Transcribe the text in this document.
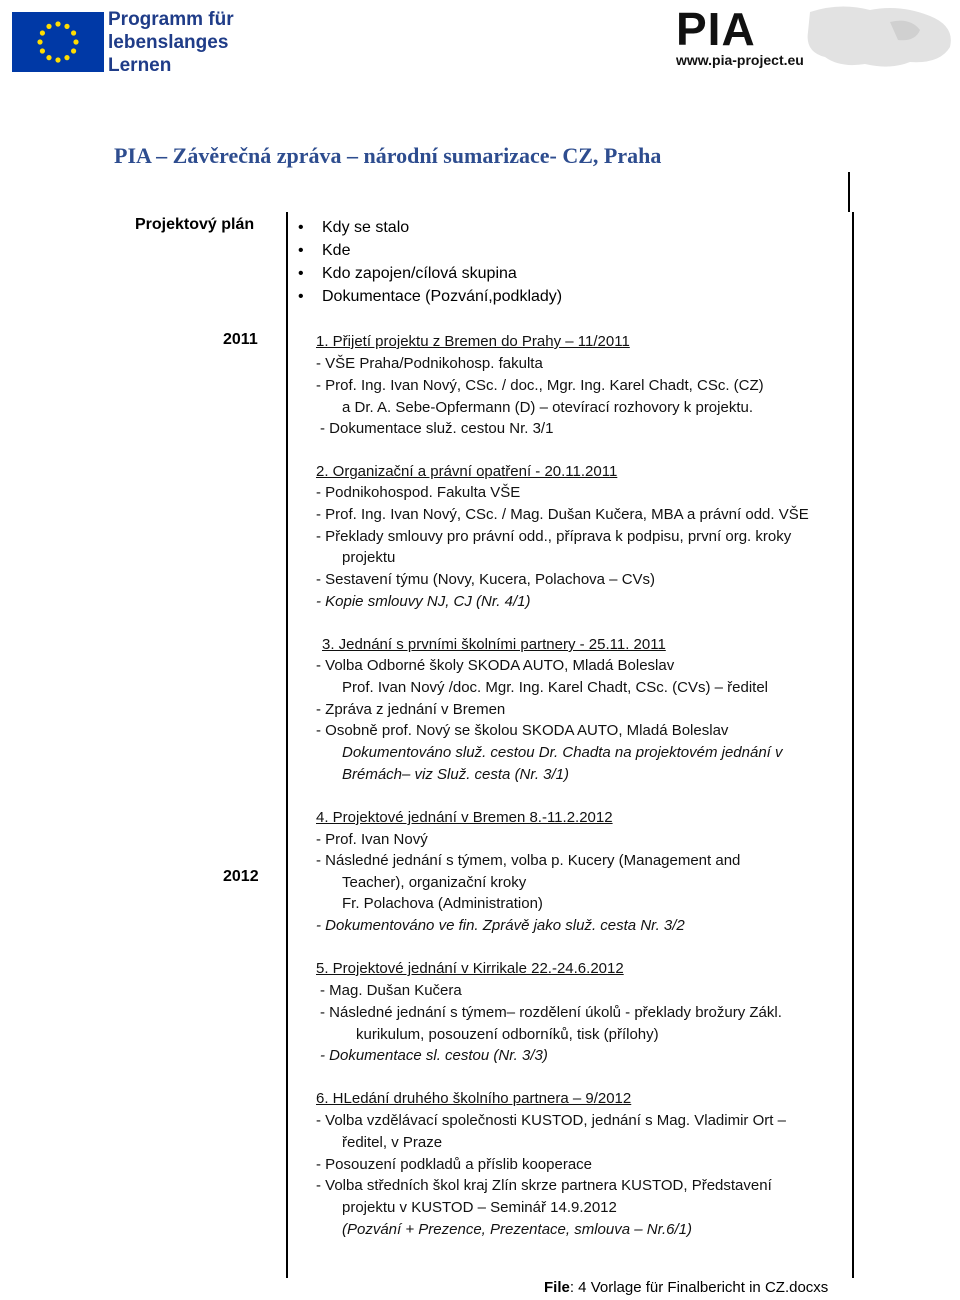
Programm für
lebenslanges
Lernen
PIA
www.pia-project.eu
PIA – Závěrečná zpráva – národní sumarizace- CZ, Praha
Projektový plán
•	Kdy se stalo
• Kde
• Kdo zapojen/cílová skupina
• Dokumentace (Pozvání,podklady)
2011
2012
1. Přijetí projektu z Bremen do Prahy – 11/2011
- VŠE Praha/Podnikohosp. fakulta
- Prof. Ing. Ivan Nový, CSc. / doc., Mgr. Ing. Karel Chadt, CSc. (CZ)
a Dr. A. Sebe-Opfermann (D) – otevírací rozhovory k projektu.
- Dokumentace služ. cestou Nr. 3/1
2. Organizační a právní opatření - 20.11.2011
- Podnikohospod. Fakulta VŠE
- Prof. Ing. Ivan Nový, CSc. / Mag. Dušan Kučera, MBA a právní odd. VŠE
- Překlady smlouvy pro právní odd., příprava k podpisu, první org. kroky
projektu
- Sestavení týmu (Novy, Kucera, Polachova – CVs)
- Kopie smlouvy NJ, CJ (Nr. 4/1)
3. Jednání s prvními školními partnery - 25.11. 2011
- Volba Odborné školy SKODA AUTO, Mladá Boleslav
Prof. Ivan Nový /doc. Mgr. Ing. Karel Chadt, CSc. (CVs) – ředitel
- Zpráva z jednání v Bremen
- Osobně prof. Nový se školou SKODA AUTO, Mladá Boleslav
Dokumentováno služ. cestou Dr. Chadta na projektovém jednání v
Brémách– viz Služ. cesta (Nr. 3/1)
4. Projektové jednání v Bremen 8.-11.2.2012
- Prof. Ivan Nový
- Následné jednání s týmem, volba p. Kucery (Management and
Teacher), organizační kroky
Fr. Polachova (Administration)
- Dokumentováno ve fin. Zprávě jako služ. cesta Nr. 3/2
5. Projektové jednání v Kirrikale 22.-24.6.2012
- Mag. Dušan Kučera
- Následné jednání s týmem– rozdělení úkolů - překlady brožury Zákl.
kurikulum, posouzení odborníků, tisk (přílohy)
- Dokumentace sl. cestou (Nr. 3/3)
6. HLedání druhého školního partnera – 9/2012
- Volba vzdělávací společnosti KUSTOD, jednání s Mag. Vladimir Ort –
ředitel, v Praze
- Posouzení podkladů a příslib kooperace
- Volba středních škol kraj Zlín skrze partnera KUSTOD, Představení
projektu v KUSTOD – Seminář 14.9.2012
(Pozvání + Prezence, Prezentace, smlouva – Nr.6/1)
File: 4 Vorlage für Finalbericht in CZ.docxs
